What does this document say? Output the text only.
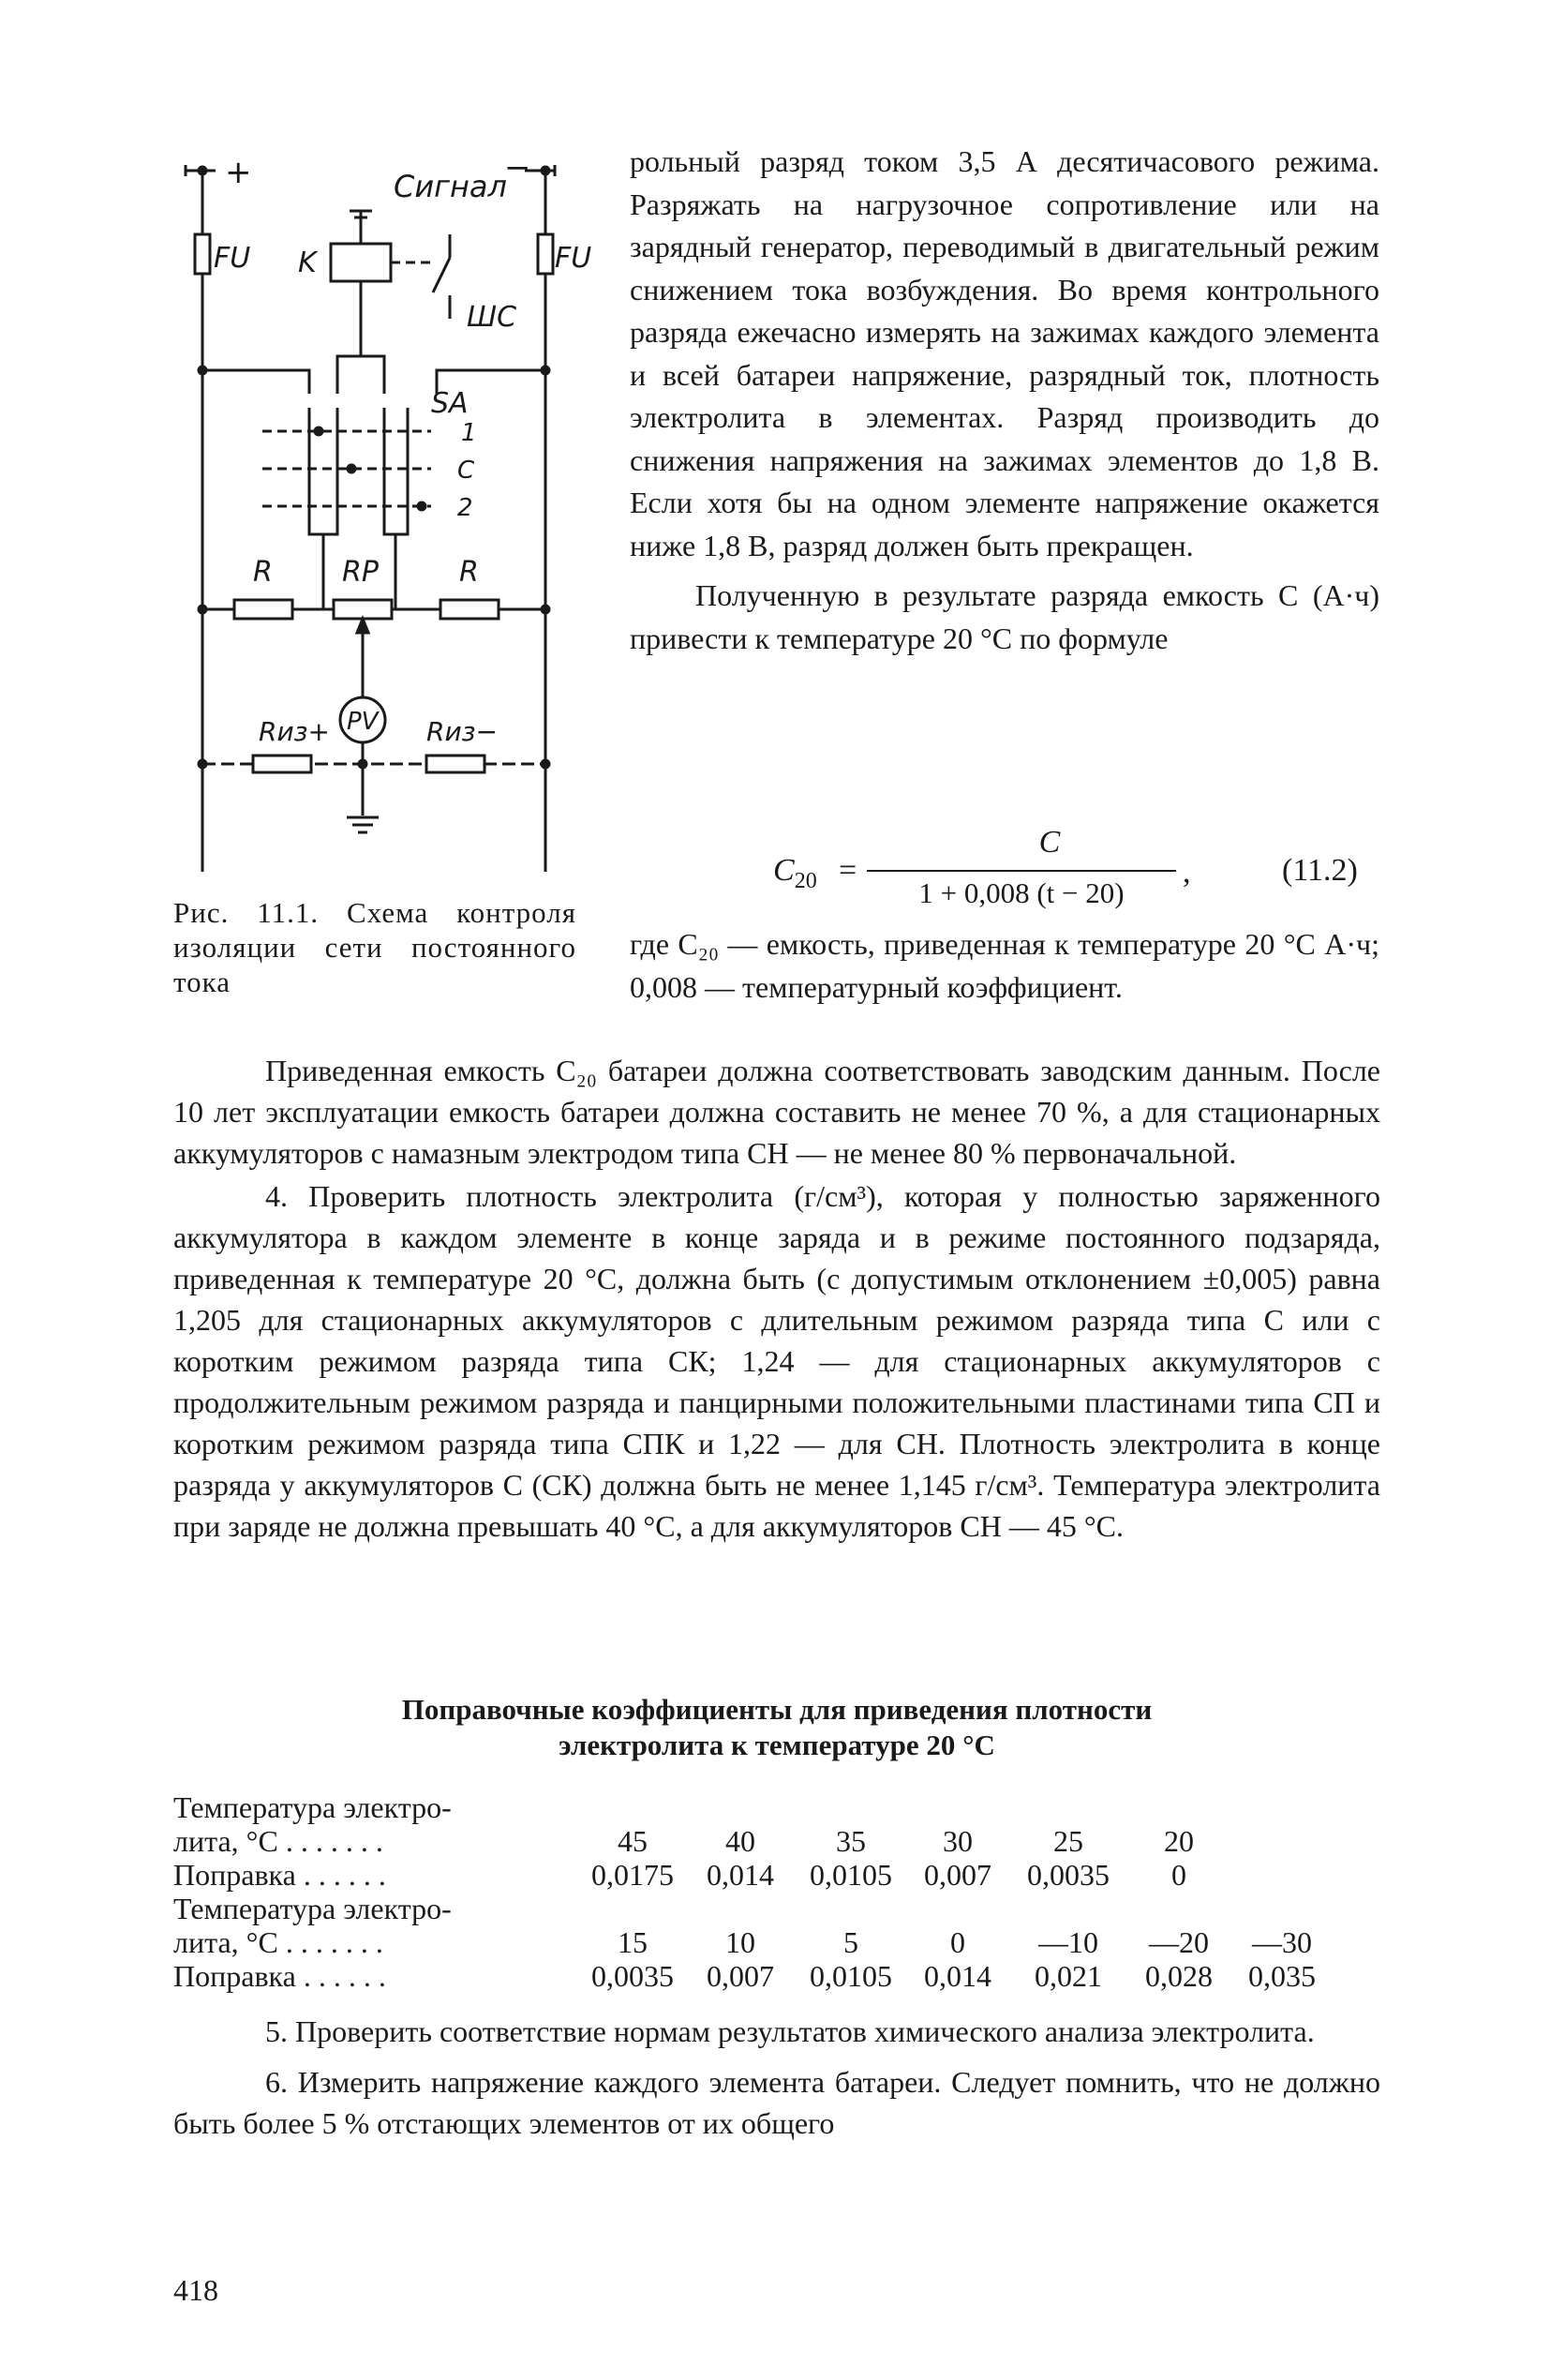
+	−
Сигнал
FU	FU
K
ШС
SA
1
С
2
R RP	R
PV
Rиз+	Rиз−
Рис. 11.1. Схема контроля изоляции сети постоянного тока

рольный разряд током 3,5 А десятичасового режима. Разряжать на нагрузочное сопротивление или на зарядный генератор, переводимый в двигательный режим снижением тока возбуждения. Во время контрольного разряда ежечасно измерять на зажимах каждого элемента и всей батареи напряжение, разрядный ток, плотность электролита в элементах. Разряд производить до снижения напряжения на зажимах элементов до 1,8 В. Если хотя бы на одном элементе напряжение окажется ниже 1,8 В, разряд должен быть прекращен.

Полученную в результате разряда емкость С (А·ч) привести к температуре 20 °С по формуле

$C_{20}$ =
C
1 + 0,008 (t − 20)
,	(11.2)

где С₂₀ — емкость, приведенная к температуре 20 °С А·ч; 0,008 — температурный коэффициент.

Приведенная емкость С₂₀ батареи должна соответствовать заводским данным. После 10 лет эксплуатации емкость батареи должна составить не менее 70 %, а для стационарных аккумуляторов с намазным электродом типа СН — не менее 80 % первоначальной.

4. Проверить плотность электролита (г/см³), которая у полностью заряженного аккумулятора в каждом элементе в конце заряда и в режиме постоянного подзаряда, приведенная к температуре 20 °С, должна быть (с допустимым отклонением ±0,005) равна 1,205 для стационарных аккумуляторов с длительным режимом разряда типа С или с коротким режимом разряда типа СК; 1,24 — для стационарных аккумуляторов с продолжительным режимом разряда и панцирными положительными пластинами типа СП и коротким режимом разряда типа СПК и 1,22 — для СН. Плотность электролита в конце разряда у аккумуляторов С (СК) должна быть не менее 1,145 г/см³. Температура электролита при заряде не должна превышать 40 °С, а для аккумуляторов СН — 45 °С.

Поправочные коэффициенты для приведения плотности
электролита к температуре 20 °С
Температура электро-
лита, °С . . . . . . .	45	40	35	30	25	20
Поправка . . . . . .	0,0175	0,014	0,0105	0,007	0,0035	0
Температура электро-
лита, °С . . . . . . .	15	10	5	0	—10	—20	—30
Поправка . . . . . .	0,0035	0,007	0,0105	0,014	0,021	0,028	0,035

5. Проверить соответствие нормам результатов химического анализа электролита.

6. Измерить напряжение каждого элемента батареи. Следует помнить, что не должно быть более 5 % отстающих элементов от их общего

418
